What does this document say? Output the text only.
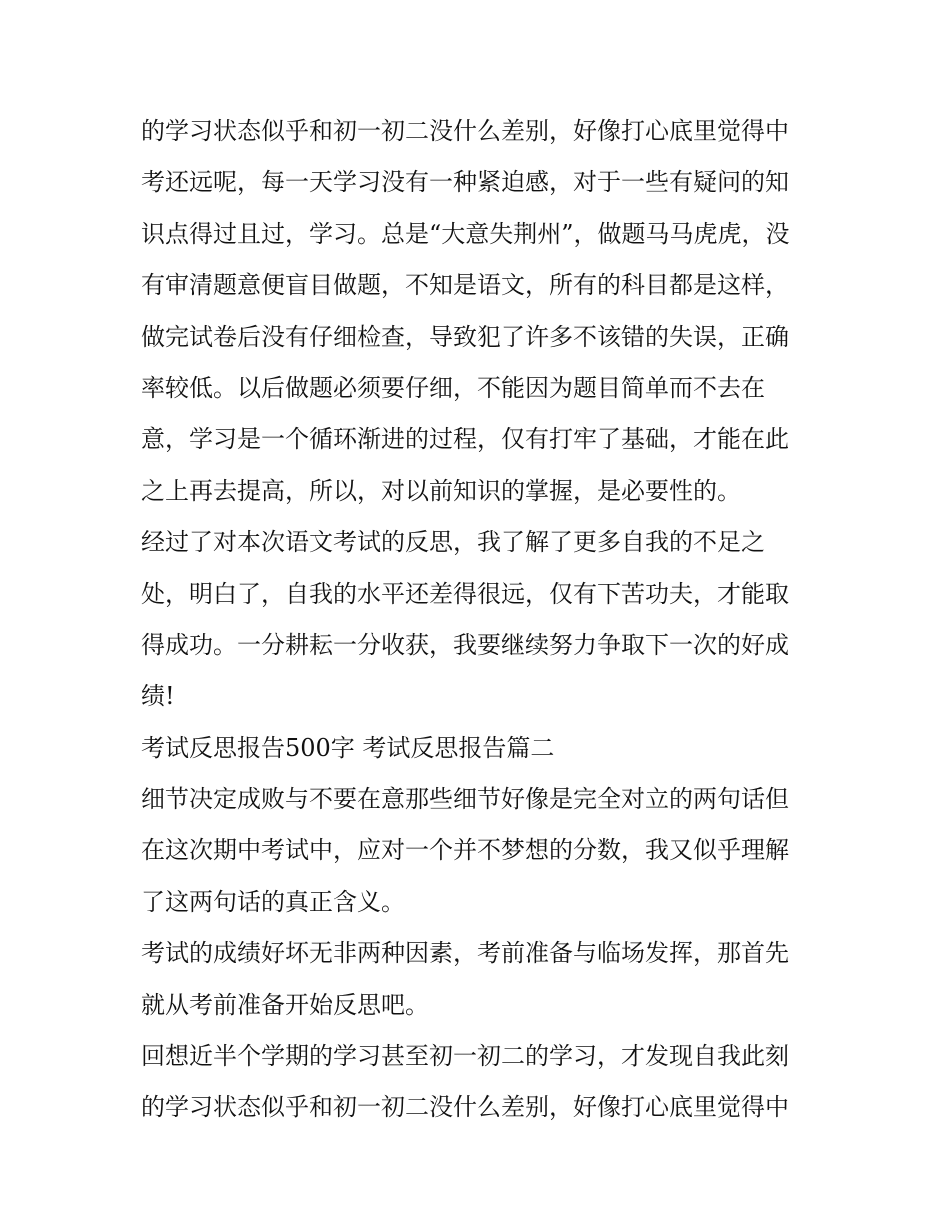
的学习状态似乎和初一初二没什么差别，好像打心底里觉得中
考还远呢，每一天学习没有一种紧迫感，对于一些有疑问的知
识点得过且过，学习。总是“大意失荆州”，做题马马虎虎，没
有审清题意便盲目做题，不知是语文，所有的科目都是这样，
做完试卷后没有仔细检查，导致犯了许多不该错的失误，正确
率较低。以后做题必须要仔细，不能因为题目简单而不去在
意，学习是一个循环渐进的过程，仅有打牢了基础，才能在此
之上再去提高，所以，对以前知识的掌握，是必要性的。
经过了对本次语文考试的反思，我了解了更多自我的不足之
处，明白了，自我的水平还差得很远，仅有下苦功夫，才能取
得成功。一分耕耘一分收获，我要继续努力争取下一次的好成
绩!
考试反思报告500字 考试反思报告篇二
细节决定成败与不要在意那些细节好像是完全对立的两句话但
在这次期中考试中，应对一个并不梦想的分数，我又似乎理解
了这两句话的真正含义。
考试的成绩好坏无非两种因素，考前准备与临场发挥，那首先
就从考前准备开始反思吧。
回想近半个学期的学习甚至初一初二的学习，才发现自我此刻
的学习状态似乎和初一初二没什么差别，好像打心底里觉得中
